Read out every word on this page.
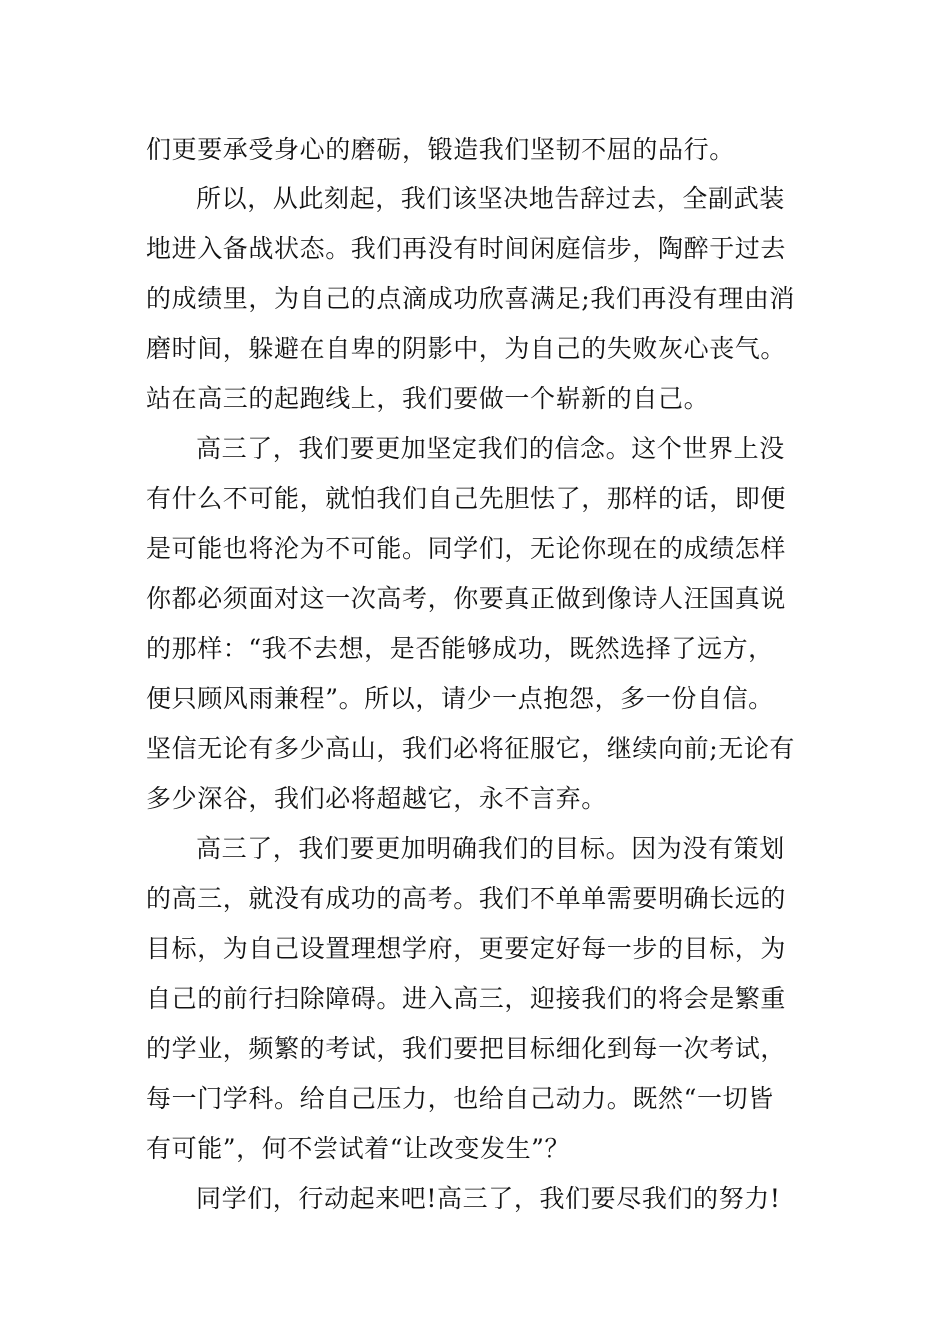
们更要承受身心的磨砺，锻造我们坚韧不屈的品行。
所以，从此刻起，我们该坚决地告辞过去，全副武装
地进入备战状态。我们再没有时间闲庭信步，陶醉于过去
的成绩里，为自己的点滴成功欣喜满足;我们再没有理由消
磨时间，躲避在自卑的阴影中，为自己的失败灰心丧气。
站在高三的起跑线上，我们要做一个崭新的自己。
高三了，我们要更加坚定我们的信念。这个世界上没
有什么不可能，就怕我们自己先胆怯了，那样的话，即便
是可能也将沦为不可能。同学们，无论你现在的成绩怎样
你都必须面对这一次高考，你要真正做到像诗人汪国真说
的那样：“我不去想，是否能够成功，既然选择了远方，
便只顾风雨兼程”。所以，请少一点抱怨，多一份自信。
坚信无论有多少高山，我们必将征服它，继续向前;无论有
多少深谷，我们必将超越它，永不言弃。
高三了，我们要更加明确我们的目标。因为没有策划
的高三，就没有成功的高考。我们不单单需要明确长远的
目标，为自己设置理想学府，更要定好每一步的目标，为
自己的前行扫除障碍。进入高三，迎接我们的将会是繁重
的学业，频繁的考试，我们要把目标细化到每一次考试，
每一门学科。给自己压力，也给自己动力。既然“一切皆
有可能”，何不尝试着“让改变发生”？
同学们，行动起来吧!高三了，我们要尽我们的努力!
